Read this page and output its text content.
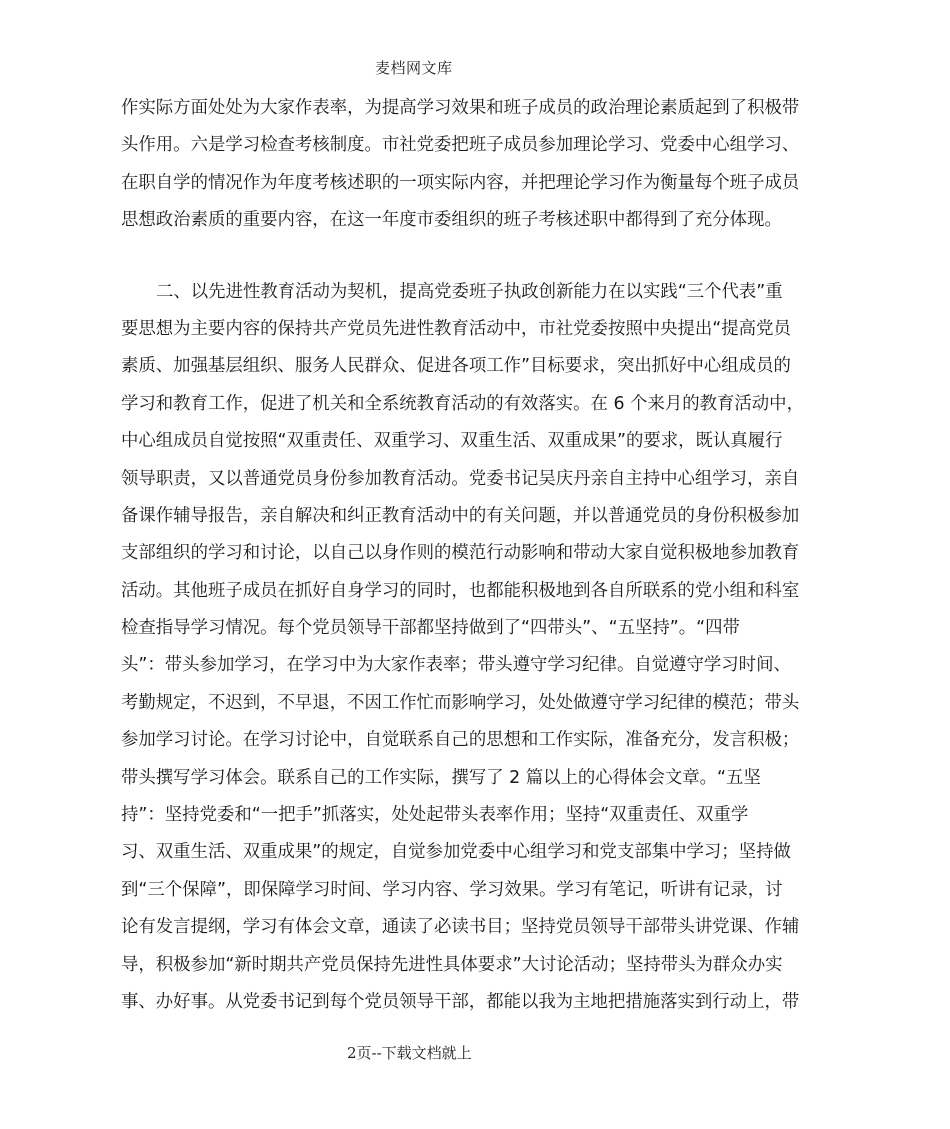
麦档网文库
作实际方面处处为大家作表率，为提高学习效果和班子成员的政治理论素质起到了积极带
头作用。六是学习检查考核制度。市社党委把班子成员参加理论学习、党委中心组学习、
在职自学的情况作为年度考核述职的一项实际内容，并把理论学习作为衡量每个班子成员
思想政治素质的重要内容，在这一年度市委组织的班子考核述职中都得到了充分体现。
二、以先进性教育活动为契机，提高党委班子执政创新能力在以实践“三个代表”重
要思想为主要内容的保持共产党员先进性教育活动中，市社党委按照中央提出“提高党员
素质、加强基层组织、服务人民群众、促进各项工作”目标要求，突出抓好中心组成员的
学习和教育工作，促进了机关和全系统教育活动的有效落实。在 6 个来月的教育活动中，
中心组成员自觉按照“双重责任、双重学习、双重生活、双重成果”的要求，既认真履行
领导职责，又以普通党员身份参加教育活动。党委书记吴庆丹亲自主持中心组学习，亲自
备课作辅导报告，亲自解决和纠正教育活动中的有关问题，并以普通党员的身份积极参加
支部组织的学习和讨论，以自己以身作则的模范行动影响和带动大家自觉积极地参加教育
活动。其他班子成员在抓好自身学习的同时，也都能积极地到各自所联系的党小组和科室
检查指导学习情况。每个党员领导干部都坚持做到了“四带头”、“五坚持”。“四带
头”：带头参加学习，在学习中为大家作表率；带头遵守学习纪律。自觉遵守学习时间、
考勤规定，不迟到，不早退，不因工作忙而影响学习，处处做遵守学习纪律的模范；带头
参加学习讨论。在学习讨论中，自觉联系自己的思想和工作实际，准备充分，发言积极；
带头撰写学习体会。联系自己的工作实际，撰写了 2 篇以上的心得体会文章。“五坚
持”：坚持党委和“一把手”抓落实，处处起带头表率作用；坚持“双重责任、双重学
习、双重生活、双重成果”的规定，自觉参加党委中心组学习和党支部集中学习；坚持做
到“三个保障”，即保障学习时间、学习内容、学习效果。学习有笔记，听讲有记录，讨
论有发言提纲，学习有体会文章，通读了必读书目；坚持党员领导干部带头讲党课、作辅
导，积极参加“新时期共产党员保持先进性具体要求”大讨论活动；坚持带头为群众办实
事、办好事。从党委书记到每个党员领导干部，都能以我为主地把措施落实到行动上，带
2页--下载文档就上
